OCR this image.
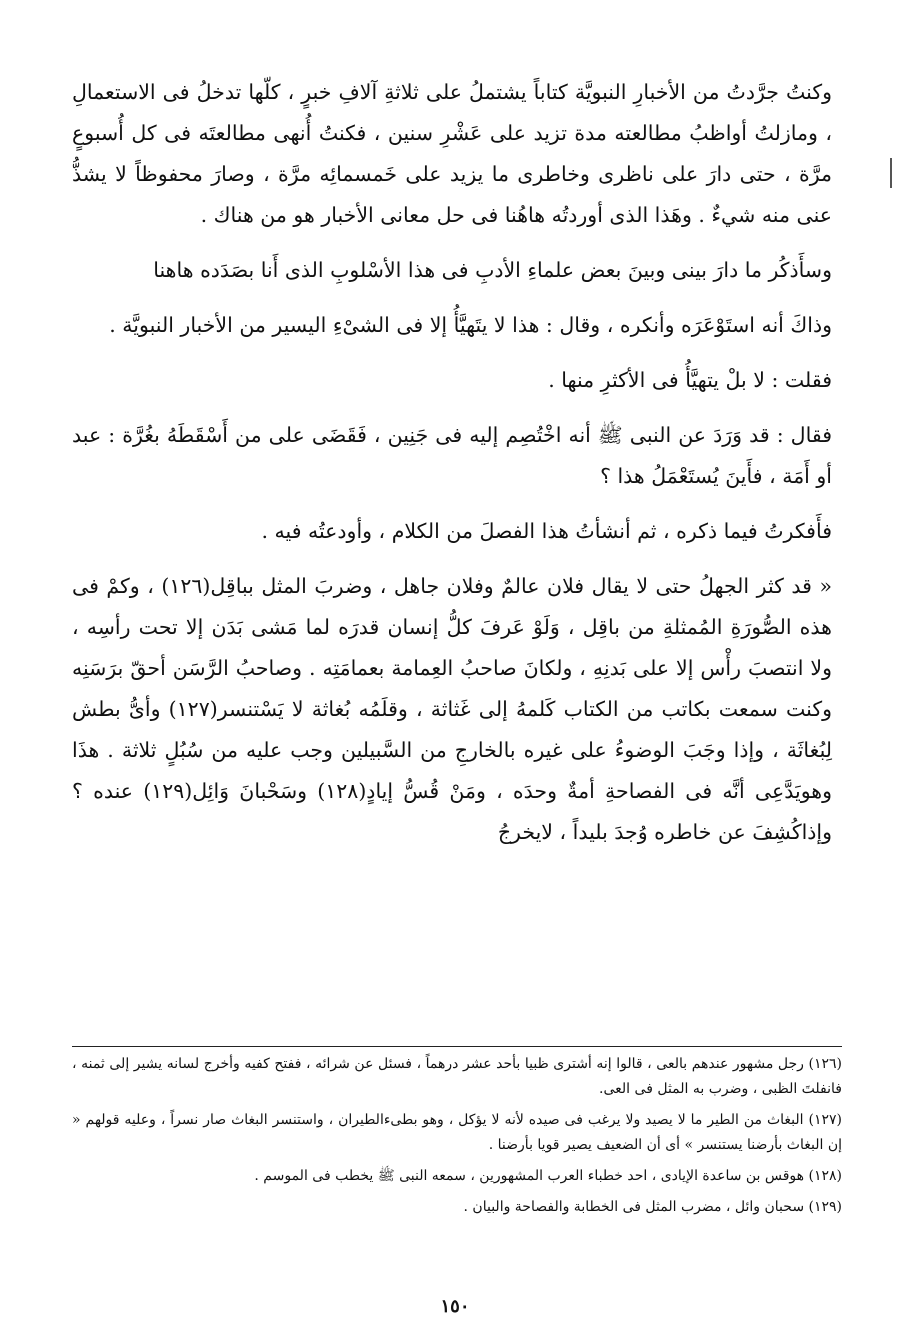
وكنتُ جرَّدتُ من الأخبارِ النبويَّة كتاباً يشتملُ على ثلاثةِ آلافِ خبرٍ ، كلّها تدخلُ فى الاستعمالِ ، ومازلتُ أواظبُ مطالعته مدة تزيد على عَشْرِ سنين ، فكنتُ أُنهى مطالعتَه فى كل أُسبوعٍ مرَّة ، حتى دارَ على ناظرى وخاطرى ما يزيد على خَمسمائِه مرَّة ، وصارَ محفوظاً لا يشذُّ عنى منه شيءٌ . وهَذا الذى أوردتُه هاهُنا فى حل معانى الأخبار هو من هناك .

وسأَذكُر ما دارَ بينى وبينَ بعض علماءِ الأدبِ فى هذا الأسْلوبِ الذى أَنا بصَدَده هاهنا

وذاكَ أنه استَوْعَرَه وأنكره ، وقال : هذا لا يتَهيَّأُ إلا فى الشىْءِ اليسير من الأخبار النبويَّة .

فقلت : لا بلْ يتهيَّأُ فى الأكثرِ منها .

فقال : قد وَرَدَ عن النبى ﷺ أنه اخْتُصِم إليه فى جَنِين ، فَقَضَى على من أَسْقَطَهُ بغُرَّة : عبد أو أَمَة ، فأَينَ يُستَعْمَلُ هذا ؟

فأَفكرتُ فيما ذكره ، ثم أنشأتُ هذا الفصلَ من الكلام ، وأودعتُه فيه .

« قد كثر الجهلُ حتى لا يقال فلان عالمٌ وفلان جاهل ، وضربَ المثل بباقِل(١٢٦) ، وكمْ فى هذه الصُّورَةِ المُمثلةِ من باقِل ، وَلَوْ عَرفَ كلُّ إنسان قدرَه لما مَشى بَدَن إلا تحت رأسِه ، ولا انتصبَ رأْس إلا على بَدنِهِ ، ولكانَ صاحبُ العِمامة بعمامَتِه . وصاحبُ الرَّسَن أحقّ برَسَنِه وكنت سمعت بكاتب من الكتاب كَلمهُ إلى غَثاثة ، وقلَمُه بُغاثة لا يَسْتنسر(١٢٧) وأىُّ بطش لِبُغاثَة ، وإذا وجَبَ الوضوءُ على غيره بالخارجِ من السَّبيلين وجب عليه من سُبُلٍ ثلاثة . هذَا وهويَدَّعِى أنَّه فى الفصاحةِ أمةٌ وحدَه ، ومَنْ قُسُّ إيادٍ(١٢٨) وسَحْبانَ وَائِل(١٢٩) عنده ؟ وإذاكُشِفَ عن خاطره وُجدَ بليداً ، لايخرجُ

(١٢٦) رجل مشهور عندهم بالعى ، قالوا إنه أشترى ظبيا بأحد عشر درهماً ، فسئل عن شرائه ، ففتح كفيه وأخرج لسانه يشير إلى ثمنه ، فانفلتَ الظبى ، وضرب به المثل فى العى.

(١٢٧) البغاث من الطير ما لا يصيد ولا يرغب فى صيده لأنه لا يؤكل ، وهو بطىءالطيران ، واستنسر البغاث صار نسراً ، وعليه قولهم « إن البغاث بأرضنا يستنسر » أى أن الضعيف يصير قويا بأرضنا .

(١٢٨) هوقس بن ساعدة الإيادى ، احد خطباء العرب المشهورين ، سمعه النبى ﷺ يخطب فى الموسم .

(١٢٩) سحبان وائل ، مضرب المثل فى الخطابة والفصاحة والبيان .

١٥٠
